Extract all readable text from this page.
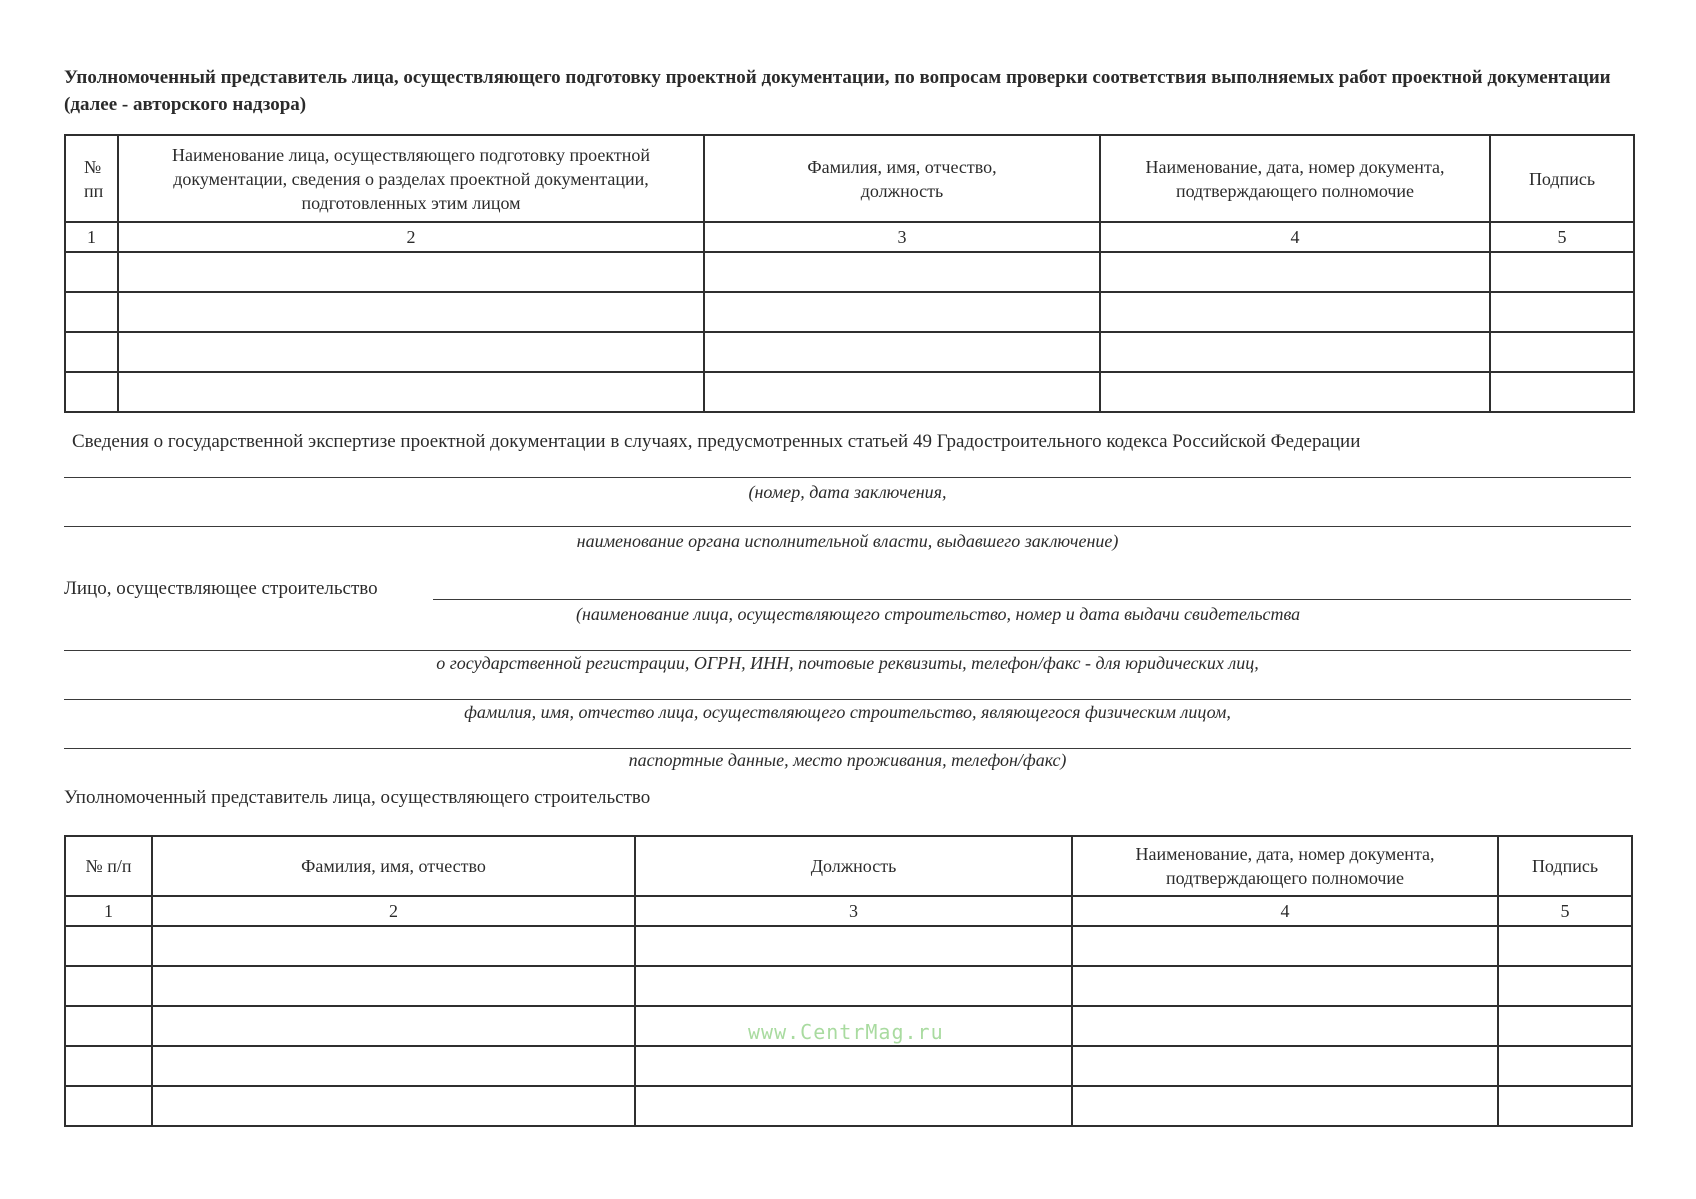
Уполномоченный представитель лица, осуществляющего подготовку проектной документации, по вопросам проверки соответствия выполняемых работ проектной документации (далее - авторского надзора)
№ пп	Наименование лица, осуществляющего подготовку проектной документации, сведения о разделах проектной документации, подготовленных этим лицом	Фамилия, имя, отчество, должность	Наименование, дата, номер документа, подтверждающего полномочие	Подпись
1	2	3	4	5

Сведения о государственной экспертизе проектной документации в случаях, предусмотренных статьей 49 Градостроительного кодекса Российской Федерации
(номер, дата заключения,
наименование органа исполнительной власти, выдавшего заключение)
Лицо, осуществляющее строительство
(наименование лица, осуществляющего строительство, номер и дата выдачи свидетельства
о государственной регистрации, ОГРН, ИНН, почтовые реквизиты, телефон/факс - для юридических лиц,
фамилия, имя, отчество лица, осуществляющего строительство, являющегося физическим лицом,
паспортные данные, место проживания, телефон/факс)
Уполномоченный представитель лица, осуществляющего строительство
№ п/п	Фамилия, имя, отчество	Должность	Наименование, дата, номер документа, подтверждающего полномочие	Подпись
1	2	3	4	5

www.CentrMag.ru
